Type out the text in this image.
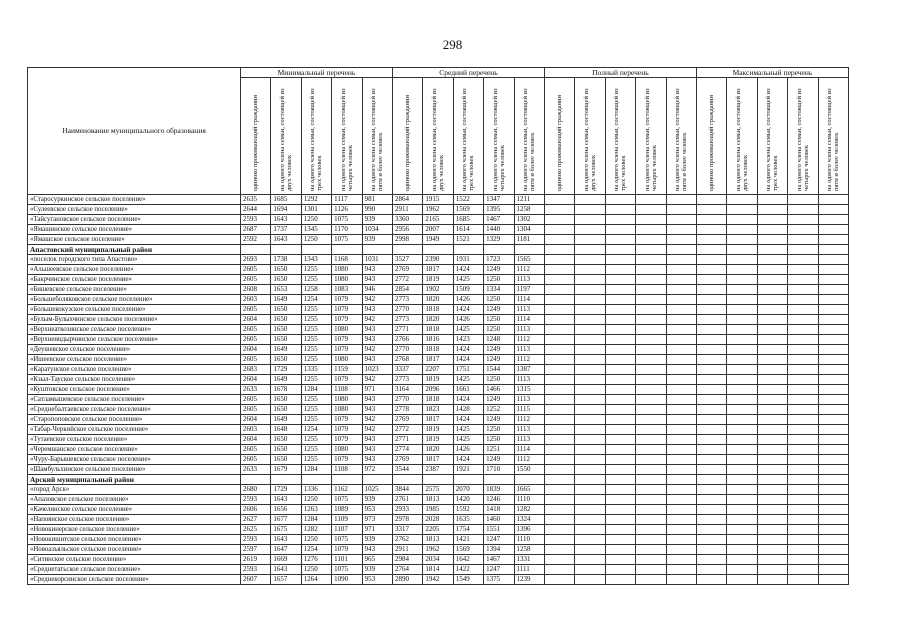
298
Наименование муниципального образования	Минимальный перечень					Средний перечень					Полный перечень					Максимальный перечень				
	одиноко проживающий гражданин	на одного члена семьи, состоящей из двух человек	на одного члена семьи, состоящей из трех человек	на одного члена семьи, состоящей из четырех человек	на одного члена семьи, состоящей из пяти и более человек	одиноко проживающий гражданин	на одного члена семьи, состоящей из двух человек	на одного члена семьи, состоящей из трех человек	на одного члена семьи, состоящей из четырех человек	на одного члена семьи, состоящей из пяти и более человек	одиноко проживающий гражданин	на одного члена семьи, состоящей из двух человек	на одного члена семьи, состоящей из трех человек	на одного члена семьи, состоящей из четырех человек	на одного члена семьи, состоящей из пяти и более человек	одиноко проживающий гражданин	на одного члена семьи, состоящей из двух человек	на одного члена семьи, состоящей из трех человек	на одного члена семьи, состоящей из четырех человек	на одного члена семьи, состоящей из пяти и более человек
«Старосуркинское сельское поселение»	2635	1685	1292	1117	981	2864	1915	1522	1347	1211										
«Сулеевское сельское поселение»	2644	1694	1301	1126	990	2911	1962	1569	1395	1258										
«Тайсугановское сельское поселение»	2593	1643	1250	1075	939	3360	2165	1685	1467	1302										
«Ямашинское сельское поселение»	2687	1737	1345	1170	1034	2956	2007	1614	1440	1304										
«Ямашское сельское поселение»	2592	1643	1250	1075	939	2998	1949	1521	1329	1181										
Апастовский муниципальный район																				
«поселок городского типа Апастово»	2693	1738	1343	1168	1031	3527	2390	1931	1723	1565										
«Альшеевское сельское поселение»	2605	1650	1255	1080	943	2769	1817	1424	1249	1112										
«Бакрчинское сельское поселение»	2605	1650	1255	1080	943	2772	1819	1425	1250	1113										
«Бишевское сельское поселение»	2608	1653	1258	1083	946	2854	1902	1509	1334	1197										
«Большеболяковское сельское поселение»	2603	1649	1254	1079	942	2773	1820	1426	1250	1114										
«Большекокузское сельское поселение»	2605	1650	1255	1079	943	2770	1818	1424	1249	1113										
«Булым-Булыхчинское сельское поселение»	2604	1650	1255	1079	942	2773	1820	1426	1250	1114										
«Верхнеаткозинское сельское поселение»	2605	1650	1255	1080	943	2771	1818	1425	1250	1113										
«Верхнеиндырчинское сельское поселение»	2605	1650	1255	1079	943	2766	1816	1423	1248	1112										
«Деушевское сельское поселение»	2604	1649	1255	1079	942	2770	1818	1424	1249	1113										
«Ишеевское сельское поселение»	2605	1650	1255	1080	943	2768	1817	1424	1249	1112										
«Каратунское сельское поселение»	2683	1729	1335	1159	1023	3337	2207	1751	1544	1387										
«Кзыл-Тауское сельское поселение»	2604	1649	1255	1079	942	2773	1819	1425	1250	1113										
«Куштовское сельское поселение»	2633	1678	1284	1108	971	3164	2096	1661	1466	1315										
«Сатламышевское сельское поселение»	2605	1650	1255	1080	943	2770	1818	1424	1249	1113										
«Среднебалтаевское сельское поселение»	2605	1650	1255	1080	943	2778	1823	1428	1252	1115										
«Старопоповское сельское поселение»	2604	1649	1255	1079	942	2769	1817	1424	1249	1112										
«Табар-Черкийское сельское поселение»	2603	1648	1254	1079	942	2772	1819	1425	1250	1113										
«Тутаевское сельское поселение»	2604	1650	1255	1079	943	2771	1819	1425	1250	1113										
«Черемшанское сельское поселение»	2605	1650	1255	1080	943	2774	1820	1426	1251	1114										
«Чуру-Барышевское сельское поселение»	2605	1650	1255	1079	943	2769	1817	1424	1249	1112										
«Шамбульхинское сельское поселение»	2633	1679	1284	1108	972	3544	2387	1921	1710	1550										
Арский муниципальный район																				
«город Арск»	2680	1729	1336	1162	1025	3844	2575	2070	1839	1665										
«Апазовское сельское поселение»	2593	1643	1250	1075	939	2761	1813	1420	1246	1110										
«Качелинское сельское поселение»	2606	1656	1263	1089	953	2933	1985	1592	1418	1282										
«Напоянское сельское поселение»	2627	1677	1284	1109	973	2978	2028	1635	1460	1324										
«Новокинерское сельское поселение»	2625	1675	1282	1107	971	3317	2205	1754	1551	1396										
«Новокишитское сельское поселение»	2593	1643	1250	1075	939	2762	1813	1421	1247	1110										
«Новоазъяльское сельское поселение»	2597	1647	1254	1079	943	2911	1962	1569	1394	1258										
«Ситинское сельское поселение»	2619	1669	1276	1101	965	2984	2034	1642	1467	1331										
«Среднетатьское сельское поселение»	2593	1643	1250	1075	939	2764	1814	1422	1247	1111										
«Среднекорсинское сельское поселение»	2607	1657	1264	1090	953	2890	1942	1549	1375	1239										
